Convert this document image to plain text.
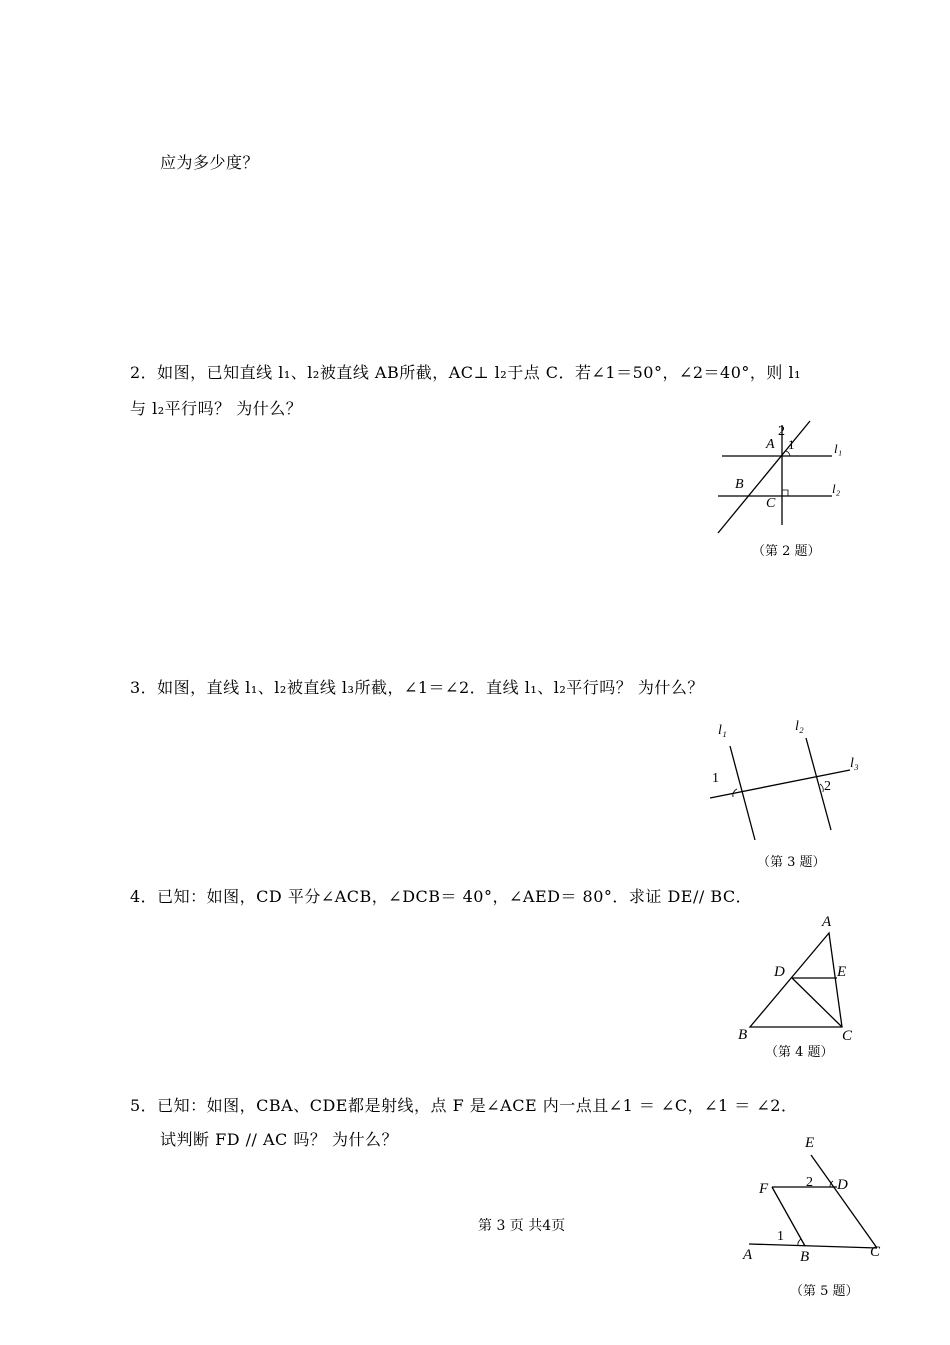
应为多少度？
2．如图，已知直线 l₁、l₂被直线 AB所截，AC⊥ l₂于点 C．若∠1＝50°，∠2＝40°，则 l₁
与 l₂平行吗？ 为什么？
2
A 1	l₁
B	l₂
C
（第 2 题）
3．如图，直线 l₁、l₂被直线 l₃所截，∠1＝∠2．直线 l₁、l₂平行吗？ 为什么？
l₁	l₂
l₃
1
2
（第 3 题）
4．已知：如图，CD 平分∠ACB，∠DCB＝ 40°，∠AED＝ 80°．求证 DE// BC．
A
D	E
B	C
（第 4 题）
5．已知：如图，CBA、CDE都是射线，点 F 是∠ACE 内一点且∠1 ＝ ∠C，∠1 ＝ ∠2．
试判断 FD // AC 吗？ 为什么？	E
2 D
F
1
A	B	C
（第 5 题）
第 3 页 共4页
